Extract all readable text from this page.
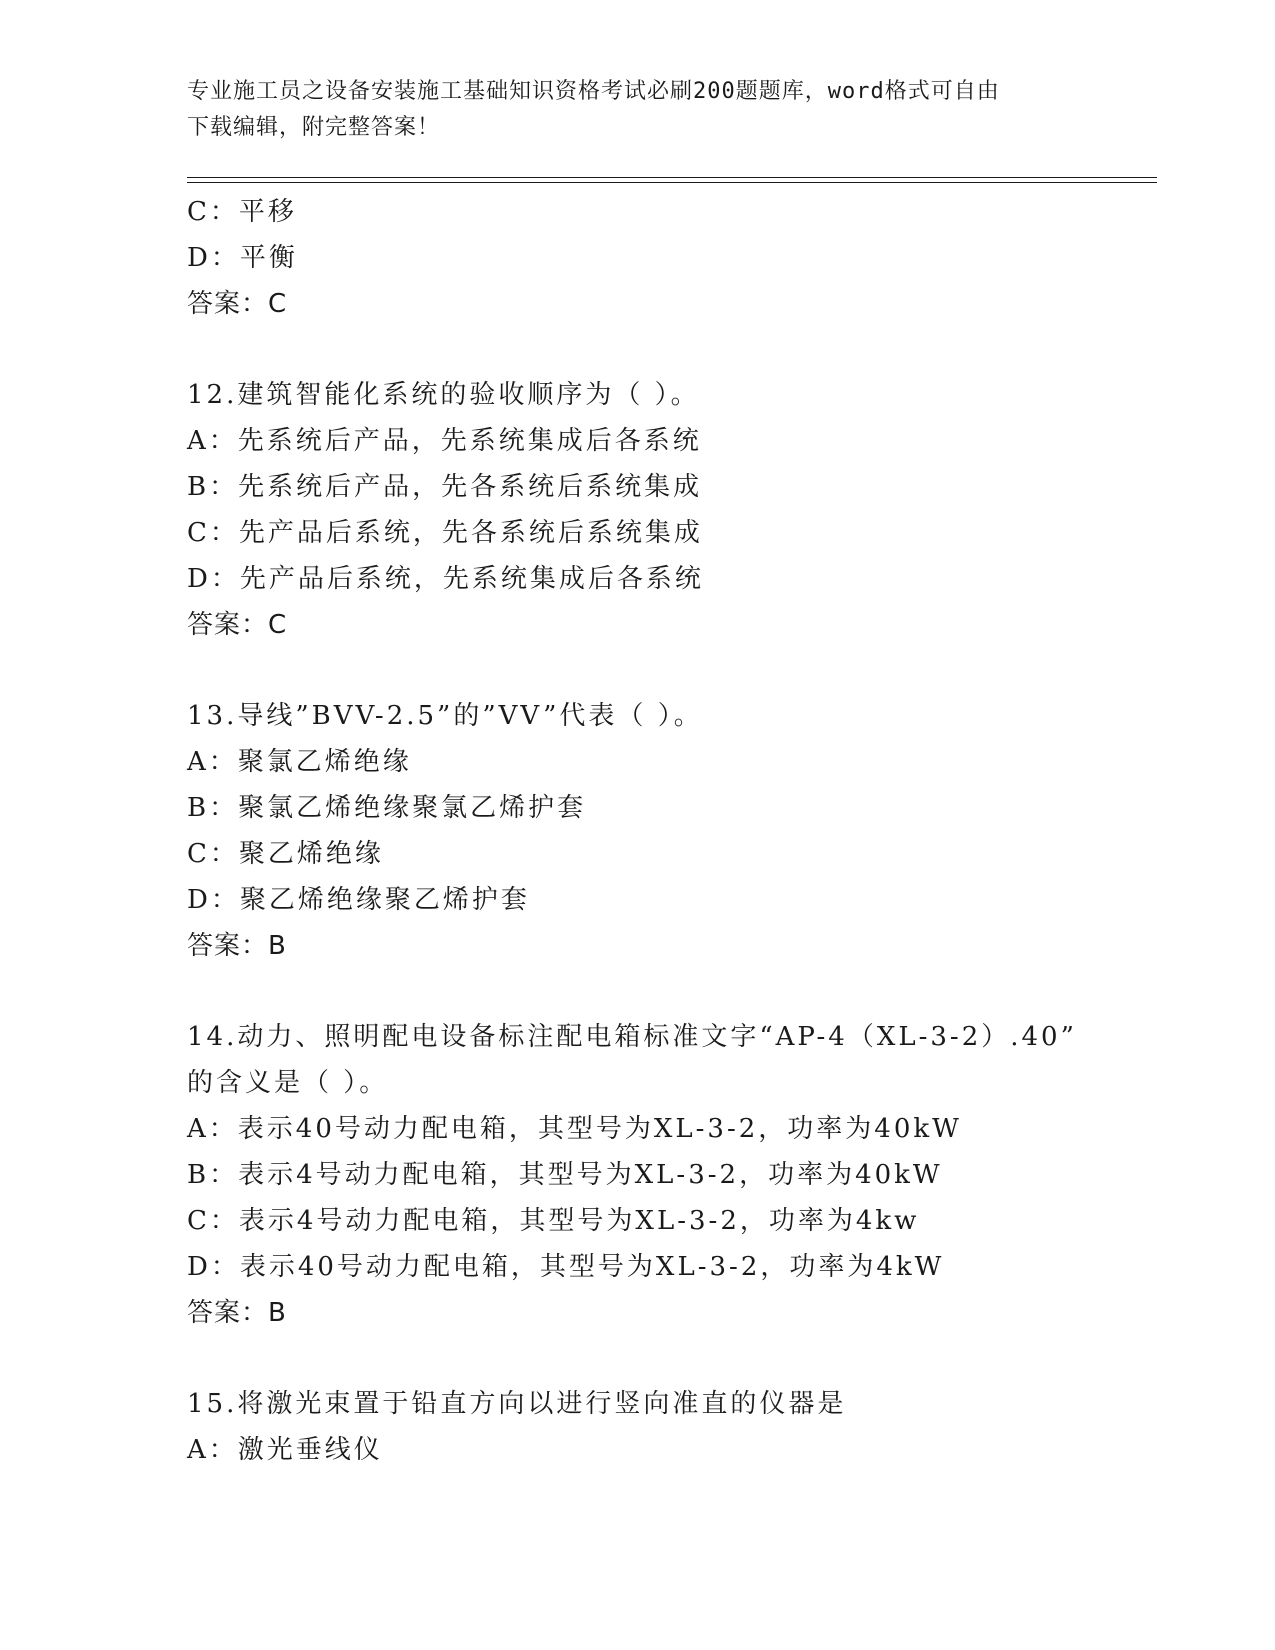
专业施工员之设备安装施工基础知识资格考试必刷200题题库，word格式可自由
下载编辑，附完整答案！
C：平移
D：平衡
答案：C
12.建筑智能化系统的验收顺序为（ ）。
A：先系统后产品，先系统集成后各系统
B：先系统后产品，先各系统后系统集成
C：先产品后系统，先各系统后系统集成
D：先产品后系统，先系统集成后各系统
答案：C
13.导线”BVV-2.5”的”VV”代表（ ）。
A：聚氯乙烯绝缘
B：聚氯乙烯绝缘聚氯乙烯护套
C：聚乙烯绝缘
D：聚乙烯绝缘聚乙烯护套
答案：B
14.动力、照明配电设备标注配电箱标准文字“AP-4（XL-3-2）.40”
的含义是（ ）。
A：表示40号动力配电箱，其型号为XL-3-2，功率为40kW
B：表示4号动力配电箱，其型号为XL-3-2，功率为40kW
C：表示4号动力配电箱，其型号为XL-3-2，功率为4kw
D：表示40号动力配电箱，其型号为XL-3-2，功率为4kW
答案：B
15.将激光束置于铅直方向以进行竖向准直的仪器是
A：激光垂线仪
